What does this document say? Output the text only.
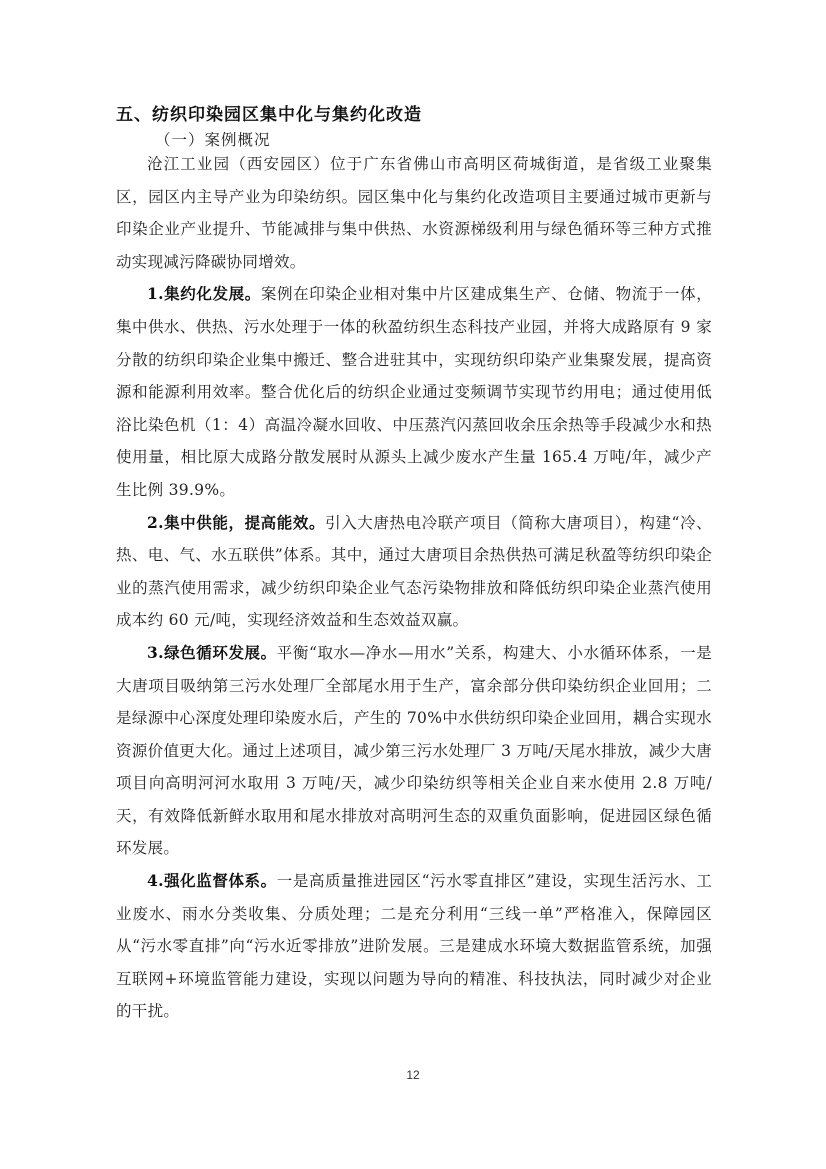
五、纺织印染园区集中化与集约化改造
（一）案例概况

沧江工业园（西安园区）位于广东省佛山市高明区荷城街道，是省级工业聚集区，园区内主导产业为印染纺织。园区集中化与集约化改造项目主要通过城市更新与印染企业产业提升、节能减排与集中供热、水资源梯级利用与绿色循环等三种方式推动实现减污降碳协同增效。

1.集约化发展。案例在印染企业相对集中片区建成集生产、仓储、物流于一体，集中供水、供热、污水处理于一体的秋盈纺织生态科技产业园，并将大成路原有 9 家分散的纺织印染企业集中搬迁、整合进驻其中，实现纺织印染产业集聚发展，提高资源和能源利用效率。整合优化后的纺织企业通过变频调节实现节约用电；通过使用低浴比染色机（1：4）高温冷凝水回收、中压蒸汽闪蒸回收余压余热等手段减少水和热使用量，相比原大成路分散发展时从源头上减少废水产生量 165.4 万吨/年，减少产生比例 39.9%。

2.集中供能，提高能效。引入大唐热电冷联产项目（简称大唐项目），构建“冷、热、电、气、水五联供”体系。其中，通过大唐项目余热供热可满足秋盈等纺织印染企业的蒸汽使用需求，减少纺织印染企业气态污染物排放和降低纺织印染企业蒸汽使用成本约 60 元/吨，实现经济效益和生态效益双赢。

3.绿色循环发展。平衡“取水—净水—用水”关系，构建大、小水循环体系，一是大唐项目吸纳第三污水处理厂全部尾水用于生产，富余部分供印染纺织企业回用；二是绿源中心深度处理印染废水后，产生的 70%中水供纺织印染企业回用，耦合实现水资源价值更大化。通过上述项目，减少第三污水处理厂 3 万吨/天尾水排放，减少大唐项目向高明河河水取用 3 万吨/天，减少印染纺织等相关企业自来水使用 2.8 万吨/天，有效降低新鲜水取用和尾水排放对高明河生态的双重负面影响，促进园区绿色循环发展。

4.强化监督体系。一是高质量推进园区“污水零直排区”建设，实现生活污水、工业废水、雨水分类收集、分质处理；二是充分利用“三线一单”严格准入，保障园区从“污水零直排”向“污水近零排放”进阶发展。三是建成水环境大数据监管系统，加强互联网+环境监管能力建设，实现以问题为导向的精准、科技执法，同时减少对企业的干扰。

12
